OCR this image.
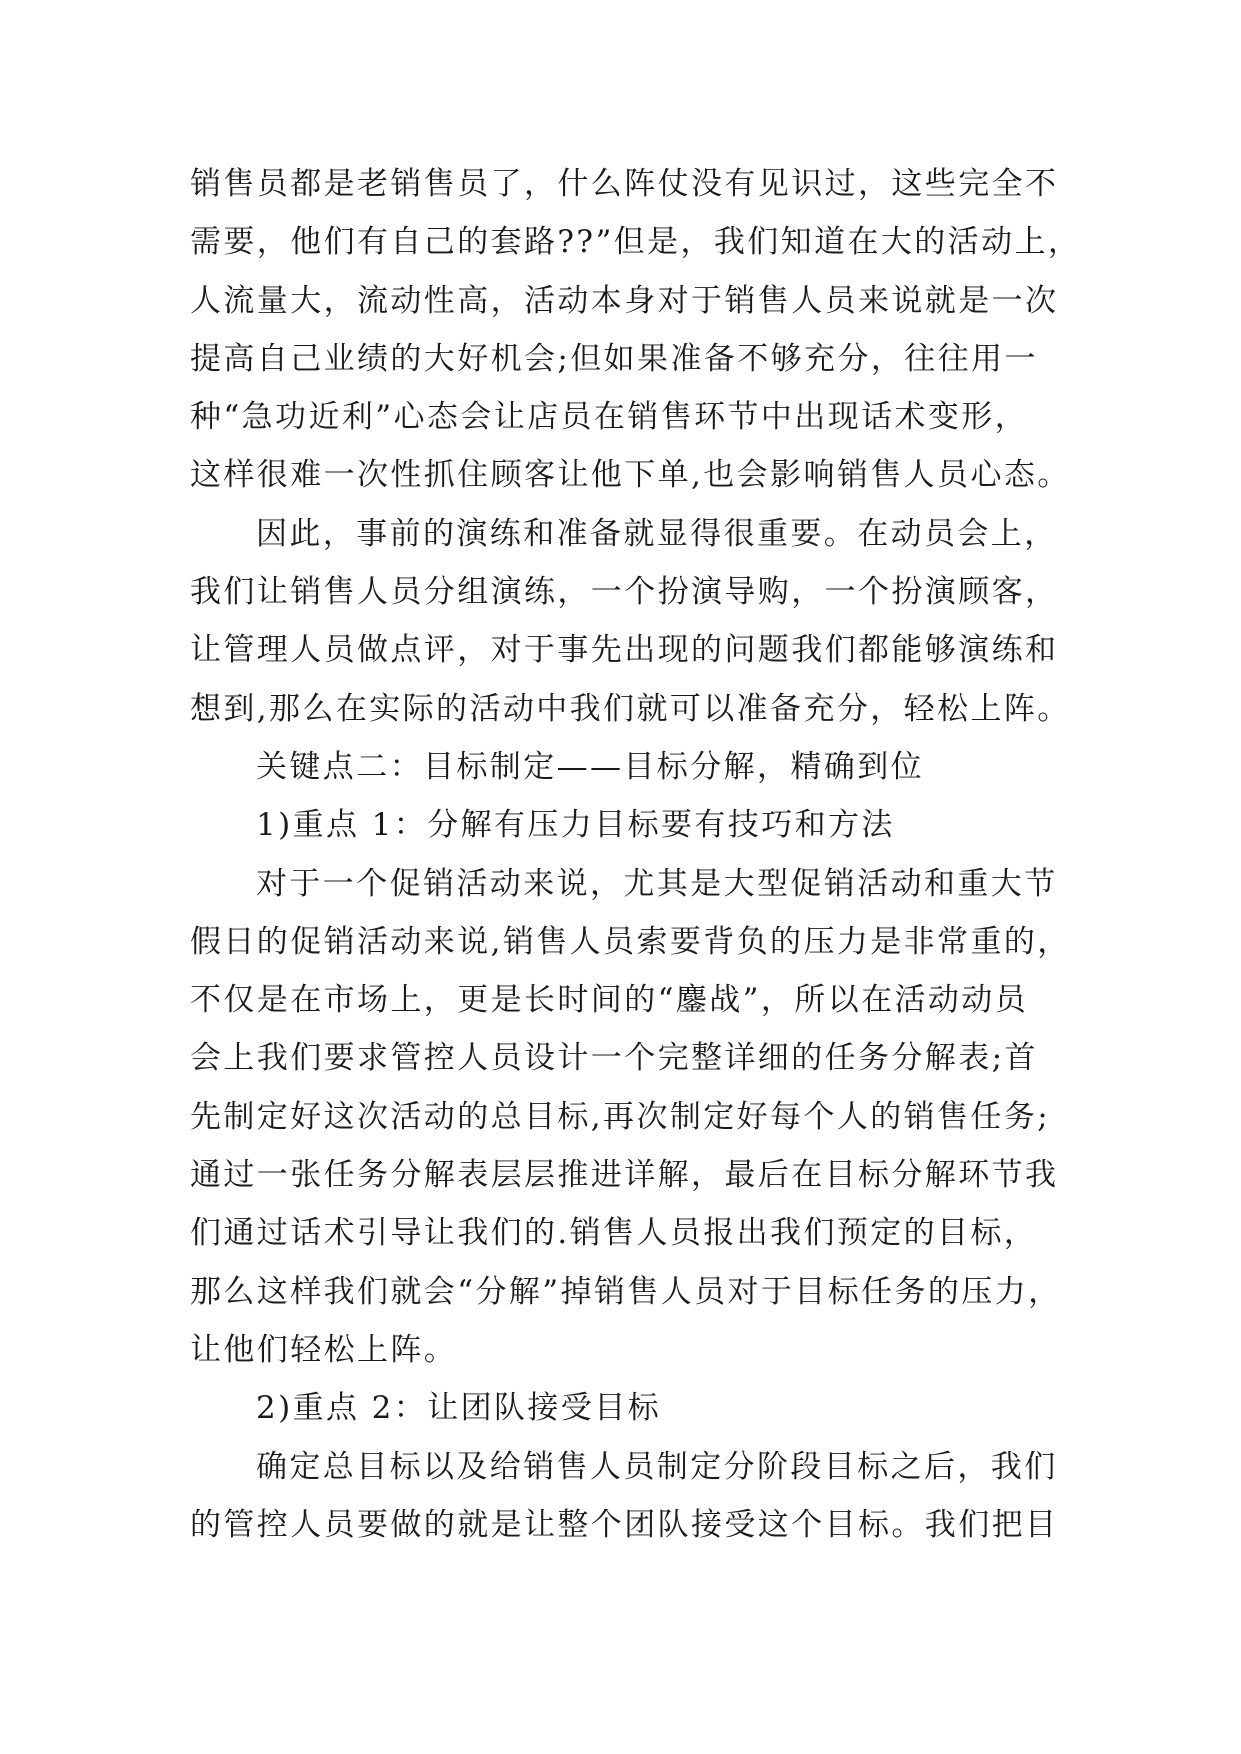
销售员都是老销售员了，什么阵仗没有见识过，这些完全不
需要，他们有自己的套路??”但是，我们知道在大的活动上，
人流量大，流动性高，活动本身对于销售人员来说就是一次
提高自己业绩的大好机会;但如果准备不够充分，往往用一
种“急功近利”心态会让店员在销售环节中出现话术变形，
这样很难一次性抓住顾客让他下单,也会影响销售人员心态。
因此，事前的演练和准备就显得很重要。在动员会上，
我们让销售人员分组演练，一个扮演导购，一个扮演顾客，
让管理人员做点评，对于事先出现的问题我们都能够演练和
想到,那么在实际的活动中我们就可以准备充分，轻松上阵。
关键点二：目标制定——目标分解，精确到位
1)重点 1：分解有压力目标要有技巧和方法
对于一个促销活动来说，尤其是大型促销活动和重大节
假日的促销活动来说,销售人员索要背负的压力是非常重的，
不仅是在市场上，更是长时间的“鏖战”，所以在活动动员
会上我们要求管控人员设计一个完整详细的任务分解表;首
先制定好这次活动的总目标,再次制定好每个人的销售任务;
通过一张任务分解表层层推进详解，最后在目标分解环节我
们通过话术引导让我们的.销售人员报出我们预定的目标，
那么这样我们就会“分解”掉销售人员对于目标任务的压力，
让他们轻松上阵。
2)重点 2：让团队接受目标
确定总目标以及给销售人员制定分阶段目标之后，我们
的管控人员要做的就是让整个团队接受这个目标。我们把目
